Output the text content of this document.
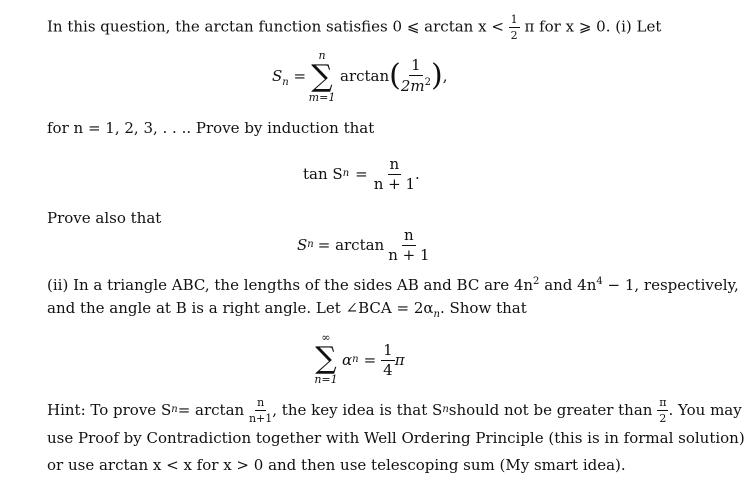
In this question, the arctan function satisfies 0 ⩽ $\arctan x < \frac{1}{2}$ π for x ⩾ 0. (i) Let
$S_n$ =
n
∑
m=1
arctan ( $\frac{1}{2m^2}$ ) ,
for n = 1, 2, 3, . . .. Prove by induction that
tan S $n = \frac{n}{n + 1}$ .
Prove also that
S $n = \arctan \frac{n}{n + 1}$
(ii) In a triangle ABC, the lengths of the sides AB and BC are $4n^2$ and $4n^4 - 1$, respectively,
and the angle at B is a right angle. Let ∠BCA = $2\alpha_n$. Show that
∞
∑
n=1
α $n = \frac{1}{4}$ π
Hint: To prove S n = arctan
$\frac{n}{n+1}$ , the key idea is that S n should not be greater than
$\frac{\pi}{2}$ . You may
use Proof by Contradiction together with Well Ordering Principle (this is in formal solution)
or use arctan x < x for x > 0 and then use telescoping sum (My smart idea).
